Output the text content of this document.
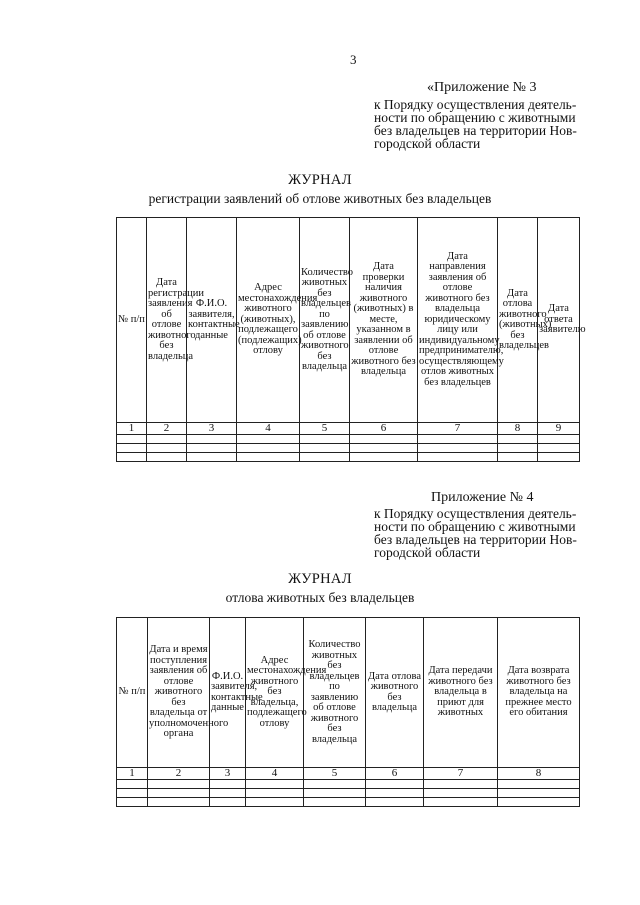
3
«Приложение № 3
к Порядку осуществления деятель-
ности по обращению с животными
без владельцев на территории Нов-
городской области
ЖУРНАЛ
регистрации заявлений об отлове животных без владельцев
№ п/п	Дата регистрации заявления об отлове животного без владельца	Ф.И.О. заявителя, контактные данные	Адрес местонахождения животного (животных), подлежащего (подлежащих) отлову	Количество животных без владельцев по заявлению об отлове животного без владельца	Дата проверки наличия животного (животных) в месте, указанном в заявлении об отлове животного без владельца	Дата направления заявления об отлове животного без владельца юридическому лицу или индивидуальному предпринимателю, осуществляющему отлов животных без владельцев	Дата отлова животного (животных) без владельцев	Дата ответа заявителю
1	2	3	4	5	6	7	8	9

Приложение № 4
к Порядку осуществления деятель-
ности по обращению с животными
без владельцев на территории Нов-
городской области
ЖУРНАЛ
отлова животных без владельцев
№ п/п	Дата и время поступления заявления об отлове животного без владельца от уполномоченного органа	Ф.И.О. заявителя, контактные данные	Адрес местонахождения животного без владельца, подлежащего отлову	Количество животных без владельцев по заявлению об отлове животного без владельца	Дата отлова животного без владельца	Дата передачи животного без владельца в приют для животных	Дата возврата животного без владельца на прежнее место его обитания
1	2	3	4	5	6	7	8
